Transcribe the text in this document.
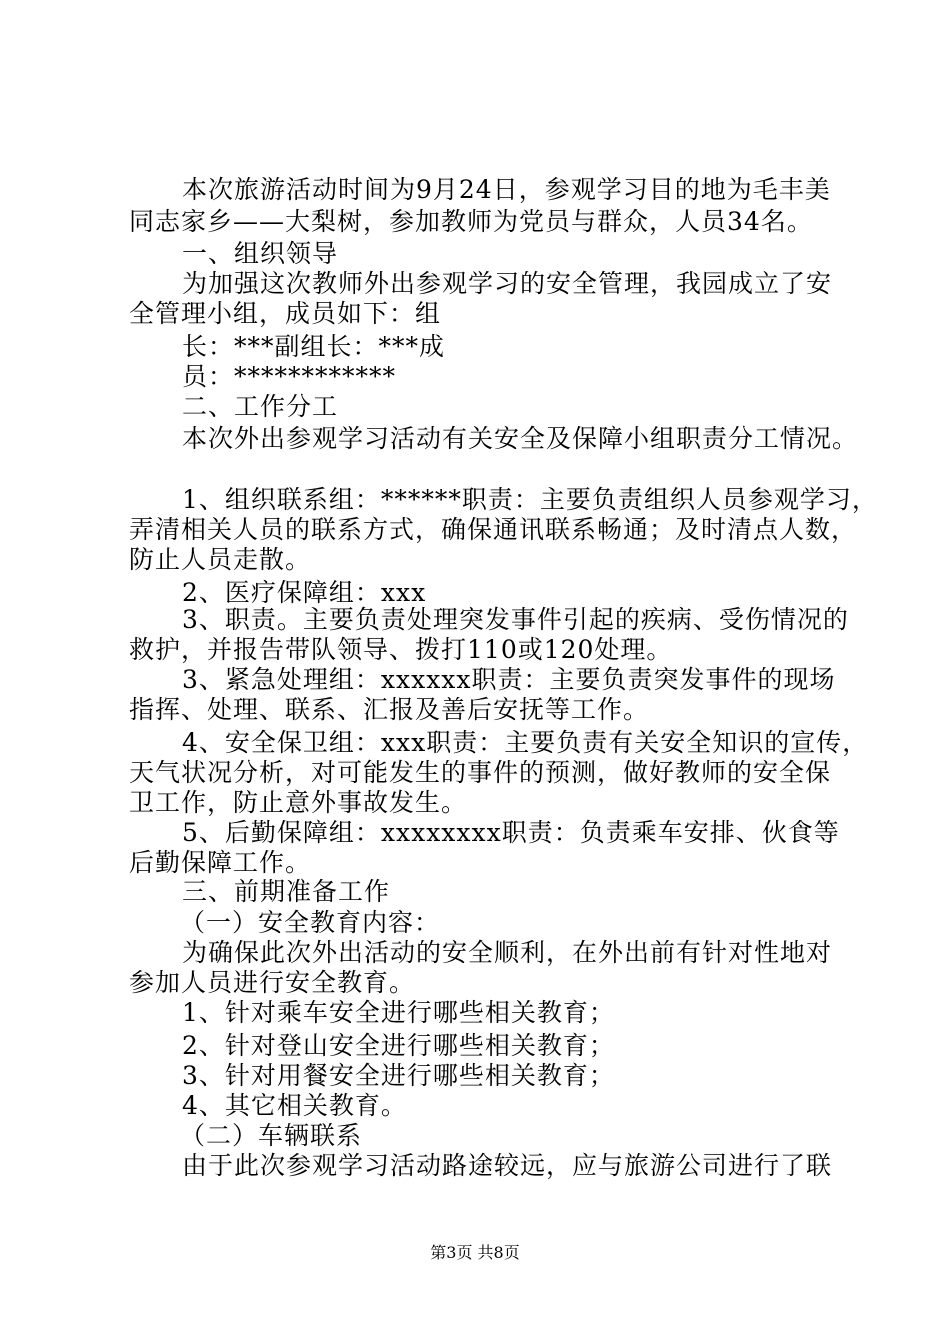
本次旅游活动时间为9月24日，参观学习目的地为毛丰美
同志家乡——大梨树，参加教师为党员与群众，人员34名。
一、组织领导
为加强这次教师外出参观学习的安全管理，我园成立了安
全管理小组，成员如下：组
长：***副组长：***成
员：************
二、工作分工
本次外出参观学习活动有关安全及保障小组职责分工情况。
1、组织联系组：******职责：主要负责组织人员参观学习，
弄清相关人员的联系方式，确保通讯联系畅通；及时清点人数，
防止人员走散。
2、医疗保障组：xxx
3、职责。主要负责处理突发事件引起的疾病、受伤情况的
救护，并报告带队领导、拨打110或120处理。
3、紧急处理组：xxxxxx职责：主要负责突发事件的现场
指挥、处理、联系、汇报及善后安抚等工作。
4、安全保卫组：xxx职责：主要负责有关安全知识的宣传，
天气状况分析，对可能发生的事件的预测，做好教师的安全保
卫工作，防止意外事故发生。
5、后勤保障组：xxxxxxxx职责：负责乘车安排、伙食等
后勤保障工作。
三、前期准备工作
（一）安全教育内容：
为确保此次外出活动的安全顺利，在外出前有针对性地对
参加人员进行安全教育。
1、针对乘车安全进行哪些相关教育；
2、针对登山安全进行哪些相关教育；
3、针对用餐安全进行哪些相关教育；
4、其它相关教育。
（二）车辆联系
由于此次参观学习活动路途较远，应与旅游公司进行了联
第3页 共8页
